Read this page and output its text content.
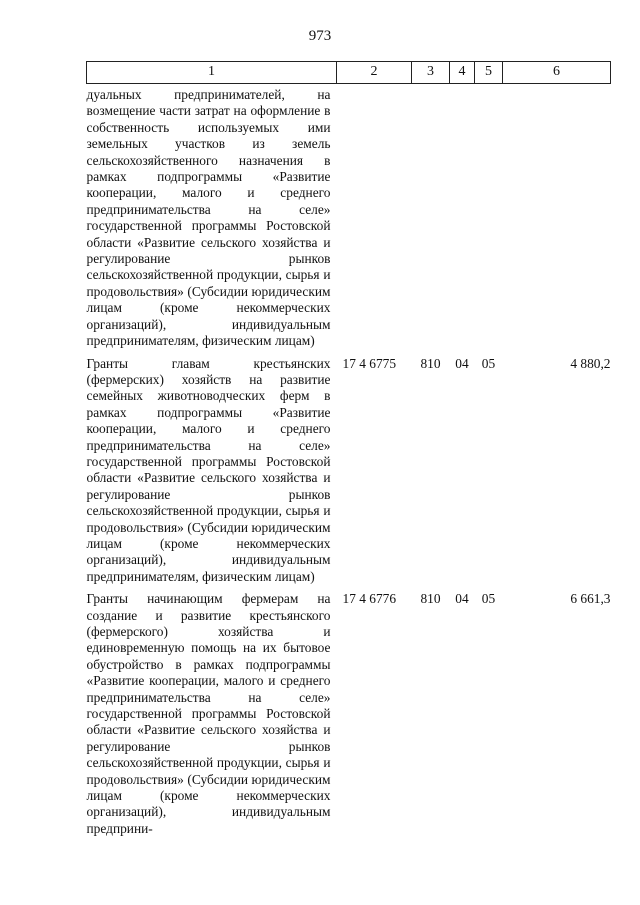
973
1	2	3	4	5	6
дуальных предпринимателей, на возмещение части затрат на оформление в собственность используемых ими земельных участков из земель сельскохозяйственного назначения в рамках подпрограммы «Развитие кооперации, малого и среднего предпринимательства на селе» государственной программы Ростовской области «Развитие сельского хозяйства и регулирование рынков сельскохозяйственной продукции, сырья и продовольствия» (Субсидии юридическим лицам (кроме некоммерческих организаций), индивидуальным предпринимателям, физическим лицам)					
Гранты главам крестьянских (фермерских) хозяйств на развитие семейных животноводческих ферм в рамках подпрограммы «Развитие кооперации, малого и среднего предпринимательства на селе» государственной программы Ростовской области «Развитие сельского хозяйства и регулирование рынков сельскохозяйственной продукции, сырья и продовольствия» (Субсидии юридическим лицам (кроме некоммерческих организаций), индивидуальным предпринимателям, физическим лицам)	17 4 6775	810	04	05	4 880,2
Гранты начинающим фермерам на создание и развитие крестьянского (фермерского) хозяйства и единовременную помощь на их бытовое обустройство в рамках подпрограммы «Развитие кооперации, малого и среднего предпринимательства на селе» государственной программы Ростовской области «Развитие сельского хозяйства и регулирование рынков сельскохозяйственной продукции, сырья и продовольствия» (Субсидии юридическим лицам (кроме некоммерческих организаций), индивидуальным предприни-	17 4 6776	810	04	05	6 661,3
